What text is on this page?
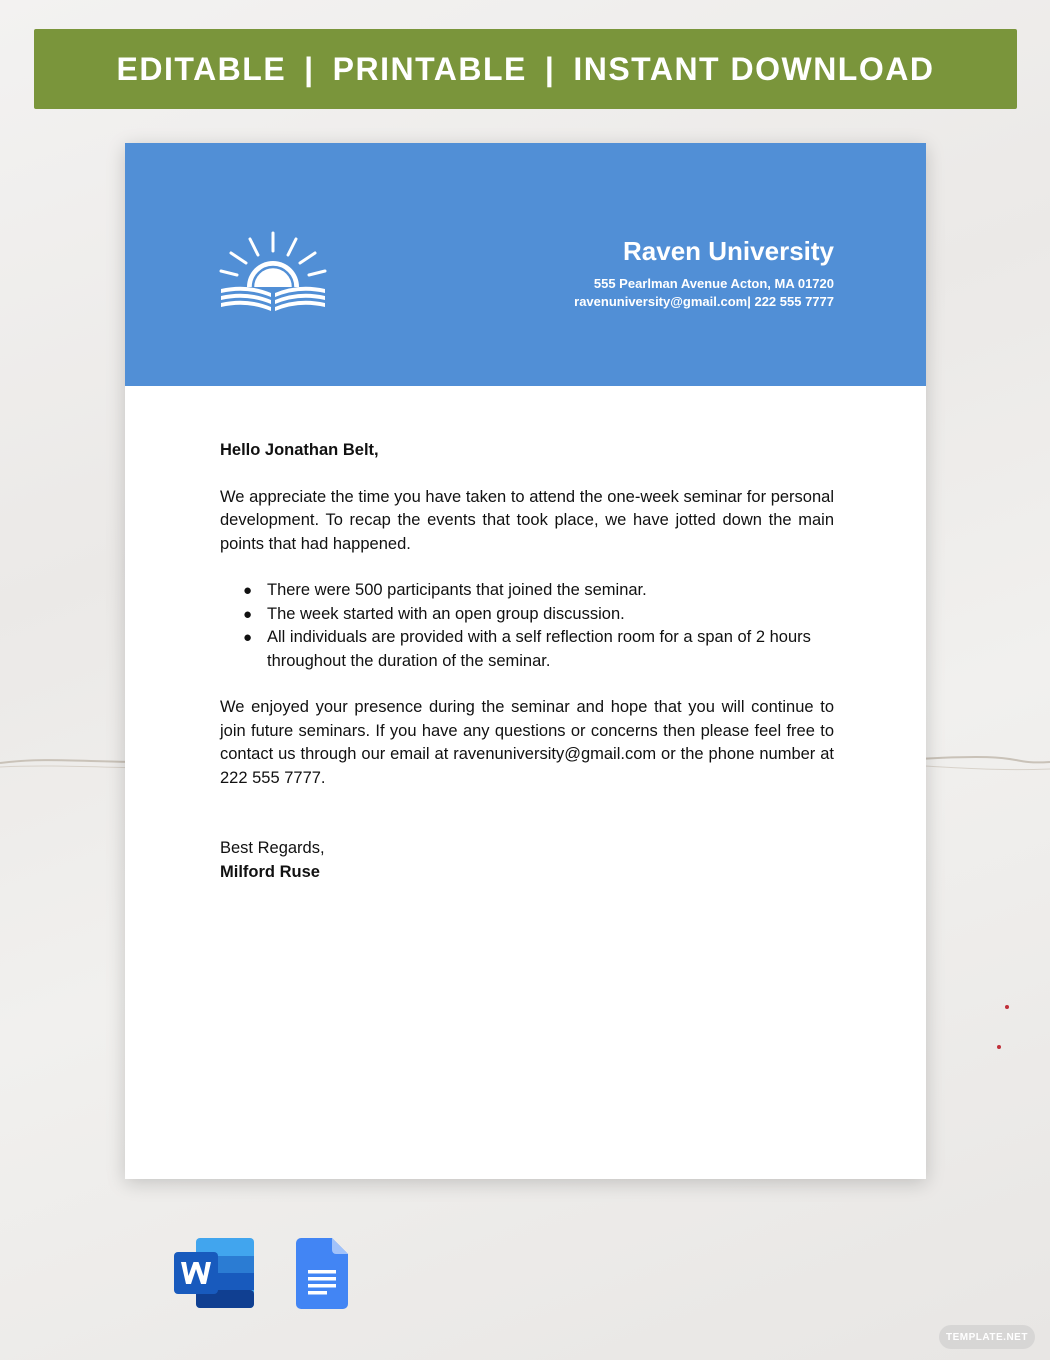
EDITABLE | PRINTABLE | INSTANT DOWNLOAD
Raven University
555 Pearlman Avenue Acton, MA 01720
ravenuniversity@gmail.com| 222 555 7777

Hello Jonathan Belt,

We appreciate the time you have taken to attend the one-week seminar for personal development. To recap the events that took place, we have jotted down the main points that had happened.

● There were 500 participants that joined the seminar.
● The week started with an open group discussion.
● All individuals are provided with a self reflection room for a span of 2 hours throughout the duration of the seminar.

We enjoyed your presence during the seminar and hope that you will continue to join future seminars. If you have any questions or concerns then please feel free to contact us through our email at ravenuniversity@gmail.com or the phone number at 222 555 7777.

Best Regards,
Milford Ruse
TEMPLATE.NET
